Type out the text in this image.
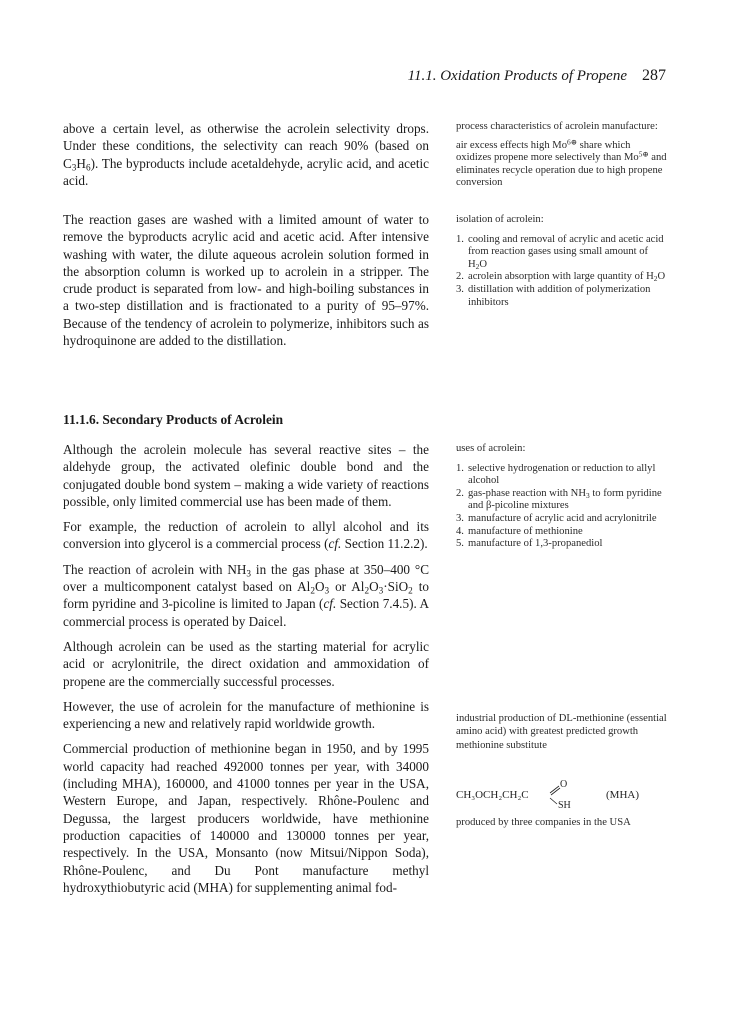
11.1. Oxidation Products of Propene 287

above a certain level, as otherwise the acrolein selectivity drops. Under these conditions, the selectivity can reach 90% (based on $C_3H_6$). The byproducts include acetaldehyde, acrylic acid, and acetic acid.

The reaction gases are washed with a limited amount of water to remove the byproducts acrylic acid and acetic acid. After intensive washing with water, the dilute aqueous acrolein solution formed in the absorption column is worked up to acrolein in a stripper. The crude product is separated from low- and high-boiling substances in a two-step distillation and is fractionated to a purity of 95–97%. Because of the tendency of acrolein to polymerize, inhibitors such as hydroquinone are added to the distillation.

11.1.6. Secondary Products of Acrolein

Although the acrolein molecule has several reactive sites – the aldehyde group, the activated olefinic double bond and the conjugated double bond system – making a wide variety of reactions possible, only limited commercial use has been made of them.

For example, the reduction of acrolein to allyl alcohol and its conversion into glycerol is a commercial process (cf. Section 11.2.2).

The reaction of acrolein with $NH_3$ in the gas phase at 350–400 °C over a multicomponent catalyst based on $Al_2O_3$ or $Al_2O_3\cdot SiO_2$ to form pyridine and 3-picoline is limited to Japan (cf. Section 7.4.5). A commercial process is operated by Daicel.

Although acrolein can be used as the starting material for acrylic acid or acrylonitrile, the direct oxidation and ammoxidation of propene are the commercially successful processes.

However, the use of acrolein for the manufacture of methionine is experiencing a new and relatively rapid worldwide growth.

Commercial production of methionine began in 1950, and by 1995 world capacity had reached 492000 tonnes per year, with 34000 (including MHA), 160000, and 41000 tonnes per year in the USA, Western Europe, and Japan, respectively. Rhône-Poulenc and Degussa, the largest producers worldwide, have methionine production capacities of 140000 and 130000 tonnes per year, respectively. In the USA, Monsanto (now Mitsui/Nippon Soda), Rhône-Poulenc, and Du Pont manufacture methyl hydroxythiobutyric acid (MHA) for supplementing animal fod-

process characteristics of acrolein manufacture:

air excess effects high $Mo^{6\oplus}$ share which oxidizes propene more selectively than $Mo^{5\oplus}$ and eliminates recycle operation due to high propene conversion

isolation of acrolein:

1. cooling and removal of acrylic and acetic acid from reaction gases using small amount of $H_2O$
2. acrolein absorption with large quantity of $H_2O$
3. distillation with addition of polymerization inhibitors

uses of acrolein:

1. selective hydrogenation or reduction to allyl alcohol
2. gas-phase reaction with $NH_3$ to form pyridine and β-picoline mixtures
3. manufacture of acrylic acid and acrylonitrile
4. manufacture of methionine
5. manufacture of 1,3-propanediol

industrial production of DL-methionine (essential amino acid) with greatest predicted growth

methionine substitute

CH₃OCH₂CH₂C
O
SH
(MHA)

produced by three companies in the USA
